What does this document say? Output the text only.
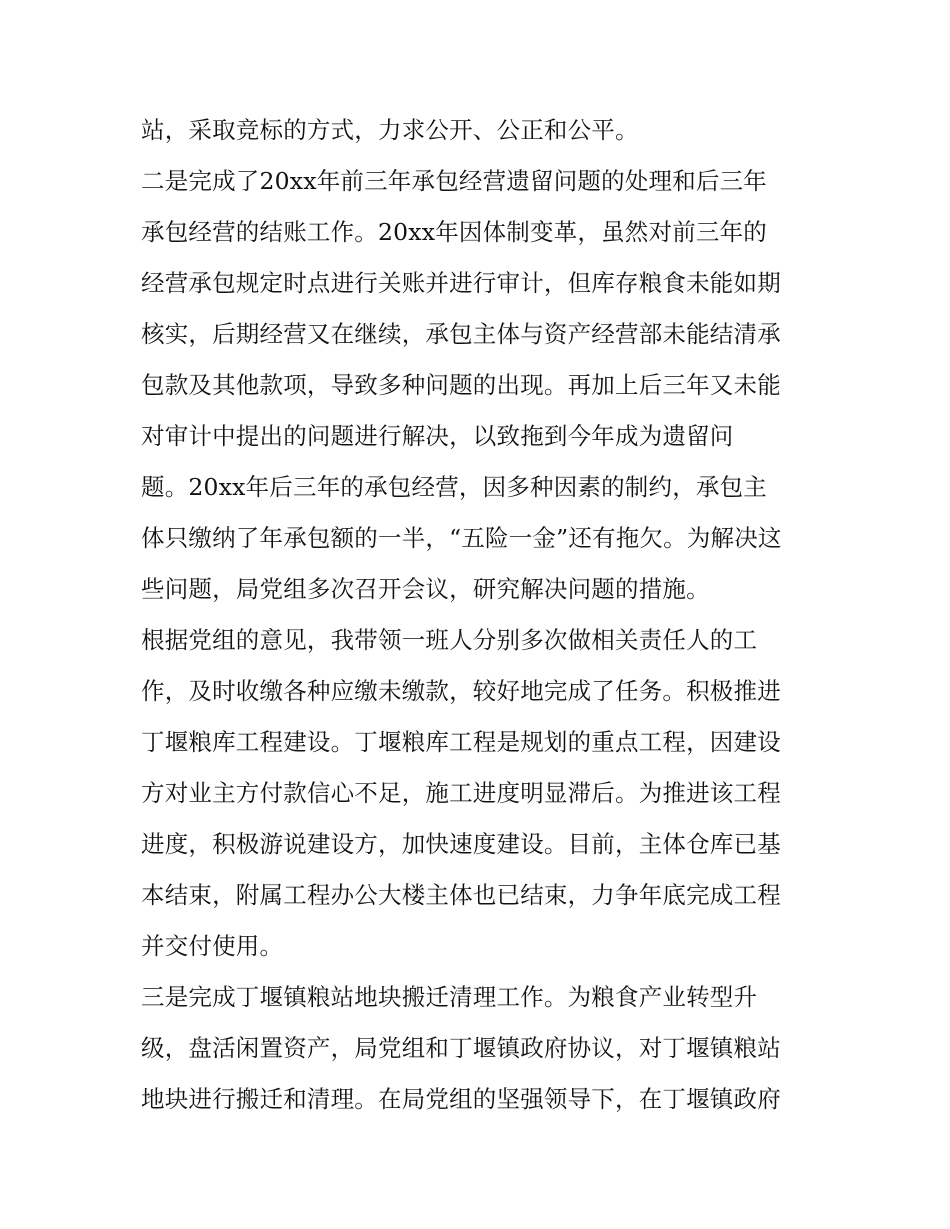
站，采取竞标的方式，力求公开、公正和公平。
二是完成了20xx年前三年承包经营遗留问题的处理和后三年
承包经营的结账工作。20xx年因体制变革，虽然对前三年的
经营承包规定时点进行关账并进行审计，但库存粮食未能如期
核实，后期经营又在继续，承包主体与资产经营部未能结清承
包款及其他款项，导致多种问题的出现。再加上后三年又未能
对审计中提出的问题进行解决，以致拖到今年成为遗留问
题。20xx年后三年的承包经营，因多种因素的制约，承包主
体只缴纳了年承包额的一半，“五险一金”还有拖欠。为解决这
些问题，局党组多次召开会议，研究解决问题的措施。
根据党组的意见，我带领一班人分别多次做相关责任人的工
作，及时收缴各种应缴未缴款，较好地完成了任务。积极推进
丁堰粮库工程建设。丁堰粮库工程是规划的重点工程，因建设
方对业主方付款信心不足，施工进度明显滞后。为推进该工程
进度，积极游说建设方，加快速度建设。目前，主体仓库已基
本结束，附属工程办公大楼主体也已结束，力争年底完成工程
并交付使用。
三是完成丁堰镇粮站地块搬迁清理工作。为粮食产业转型升
级，盘活闲置资产，局党组和丁堰镇政府协议，对丁堰镇粮站
地块进行搬迁和清理。在局党组的坚强领导下，在丁堰镇政府
